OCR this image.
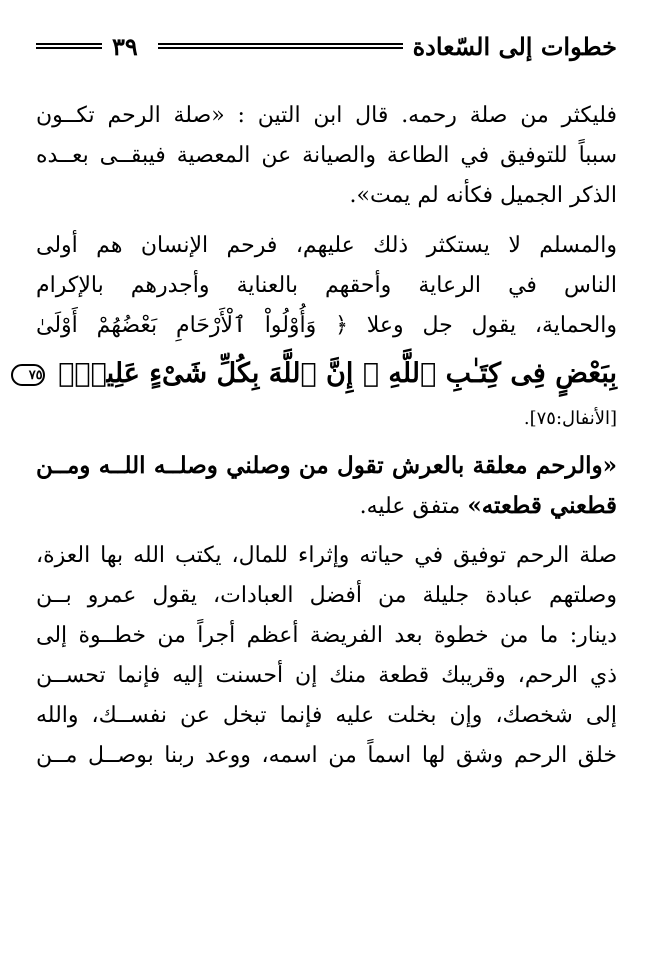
خطوات إلى السّعادة
٣٩
فليكثر من صلة رحمه. قال ابن التين : «صلة الرحم تكــون
سبباً للتوفيق في الطاعة والصيانة عن المعصية فيبقــى بعــده
الذكر الجميل فكأنه لم يمت».
والمسلم لا يستكثر ذلك عليهم، فرحم الإنسان هم أولى
الناس في الرعاية وأحقهم بالعناية وأجدرهم بالإكرام
والحماية، يقول جل وعلا ﴿ وَأُوْلُواْ ٱلْأَرْحَامِ بَعْضُهُمْ أَوْلَىٰ
بِبَعْضٍ فِى كِتَـٰبِ ٱللَّهِ ۚ إِنَّ ٱللَّهَ بِكُلِّ شَىْءٍ عَلِيمٌۢ ٧٥
[الأنفال:٧٥].
«والرحم معلقة بالعرش تقول من وصلني وصلــه اللــه ومــن
قطعني قطعته» متفق عليه.
صلة الرحم توفيق في حياته وإثراء للمال، يكتب الله بها العزة،
وصلتهم عبادة جليلة من أفضل العبادات، يقول عمرو بــن
دينار: ما من خطوة بعد الفريضة أعظم أجراً من خطــوة إلى
ذي الرحم، وقريبك قطعة منك إن أحسنت إليه فإنما تحســن
إلى شخصك، وإن بخلت عليه فإنما تبخل عن نفســك، والله
خلق الرحم وشق لها اسماً من اسمه، ووعد ربنا بوصــل مــن
